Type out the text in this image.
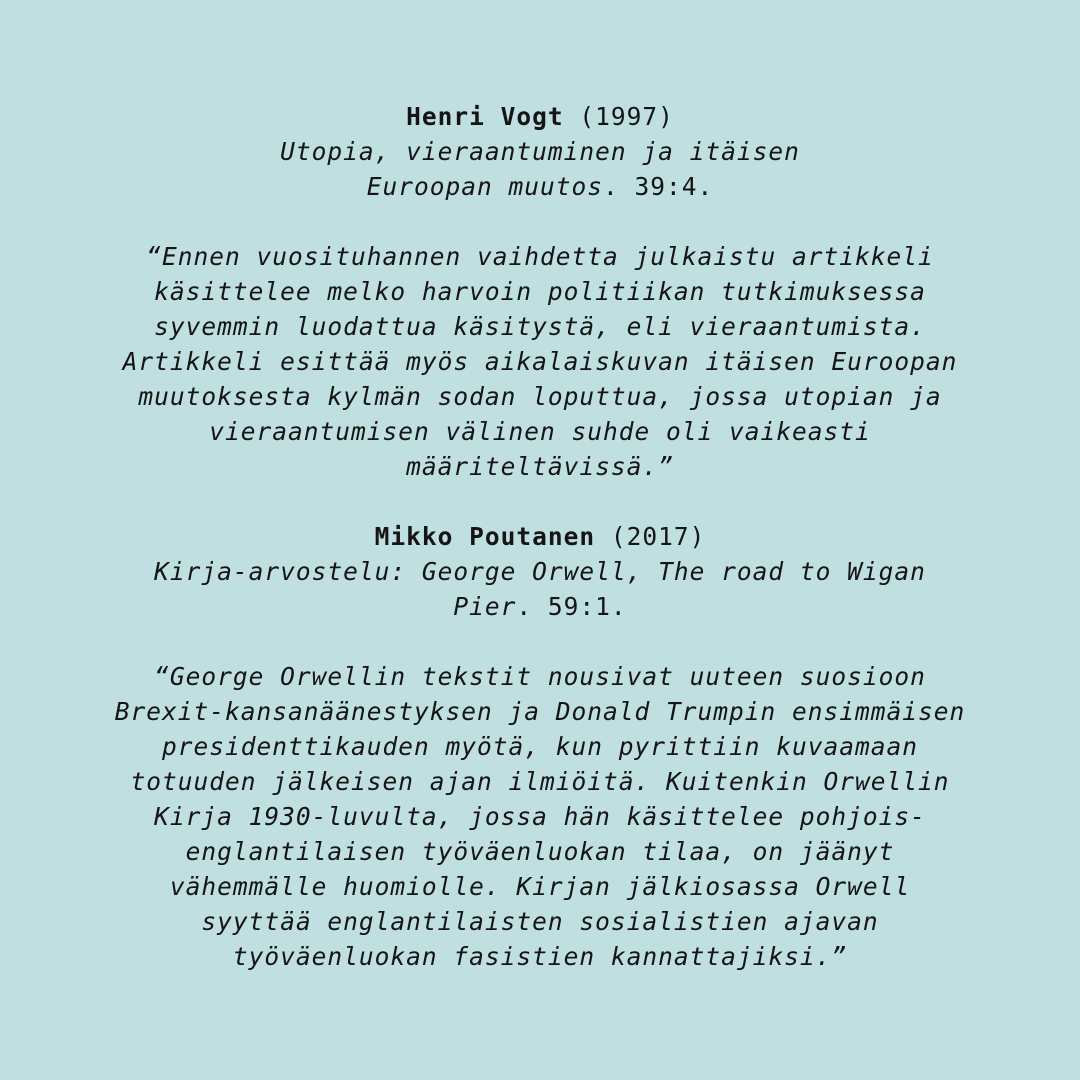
Henri Vogt (1997)
Utopia, vieraantuminen ja itäisen
Euroopan muutos. 39:4.
“Ennen vuosituhannen vaihdetta julkaistu artikkeli
käsittelee melko harvoin politiikan tutkimuksessa
syvemmin luodattua käsitystä, eli vieraantumista.
Artikkeli esittää myös aikalaiskuvan itäisen Euroopan
muutoksesta kylmän sodan loputtua, jossa utopian ja
vieraantumisen välinen suhde oli vaikeasti
määriteltävissä.”
Mikko Poutanen (2017)
Kirja-arvostelu: George Orwell, The road to Wigan
Pier. 59:1.
“George Orwellin tekstit nousivat uuteen suosioon
Brexit-kansanäänestyksen ja Donald Trumpin ensimmäisen
presidenttikauden myötä, kun pyrittiin kuvaamaan
totuuden jälkeisen ajan ilmiöitä. Kuitenkin Orwellin
Kirja 1930-luvulta, jossa hän käsittelee pohjois-
englantilaisen työväenluokan tilaa, on jäänyt
vähemmälle huomiolle. Kirjan jälkiosassa Orwell
syyttää englantilaisten sosialistien ajavan
työväenluokan fasistien kannattajiksi.”
